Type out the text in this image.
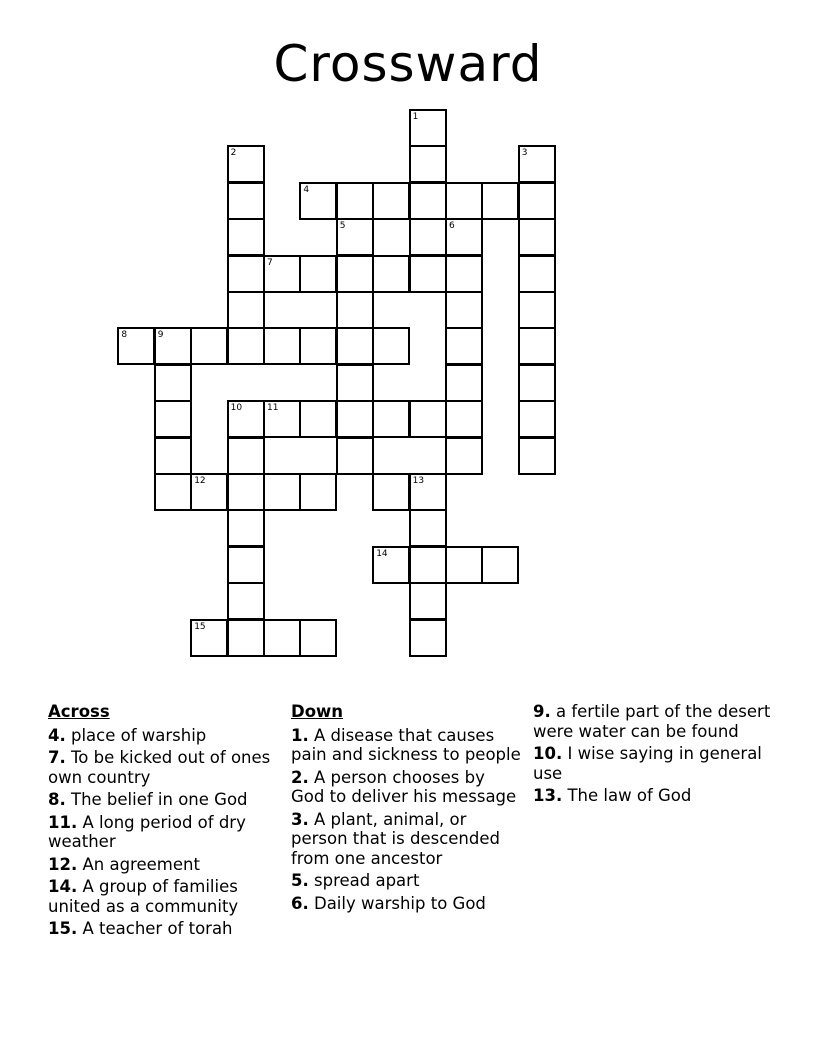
Crossward
1
2	3
4
5	6
7
8	9
10	11
12	13
14
15
Across
4. place of warship
7. To be kicked out of ones own country
8. The belief in one God
11. A long period of dry weather
12. An agreement
14. A group of families united as a community
15. A teacher of torah
Down
1. A disease that causes pain and sickness to people
2. A person chooses by God to deliver his message
3. A plant, animal, or person that is descended from one ancestor
5. spread apart
6. Daily warship to God
9. a fertile part of the desert were water can be found
10. I wise saying in general use
13. The law of God
